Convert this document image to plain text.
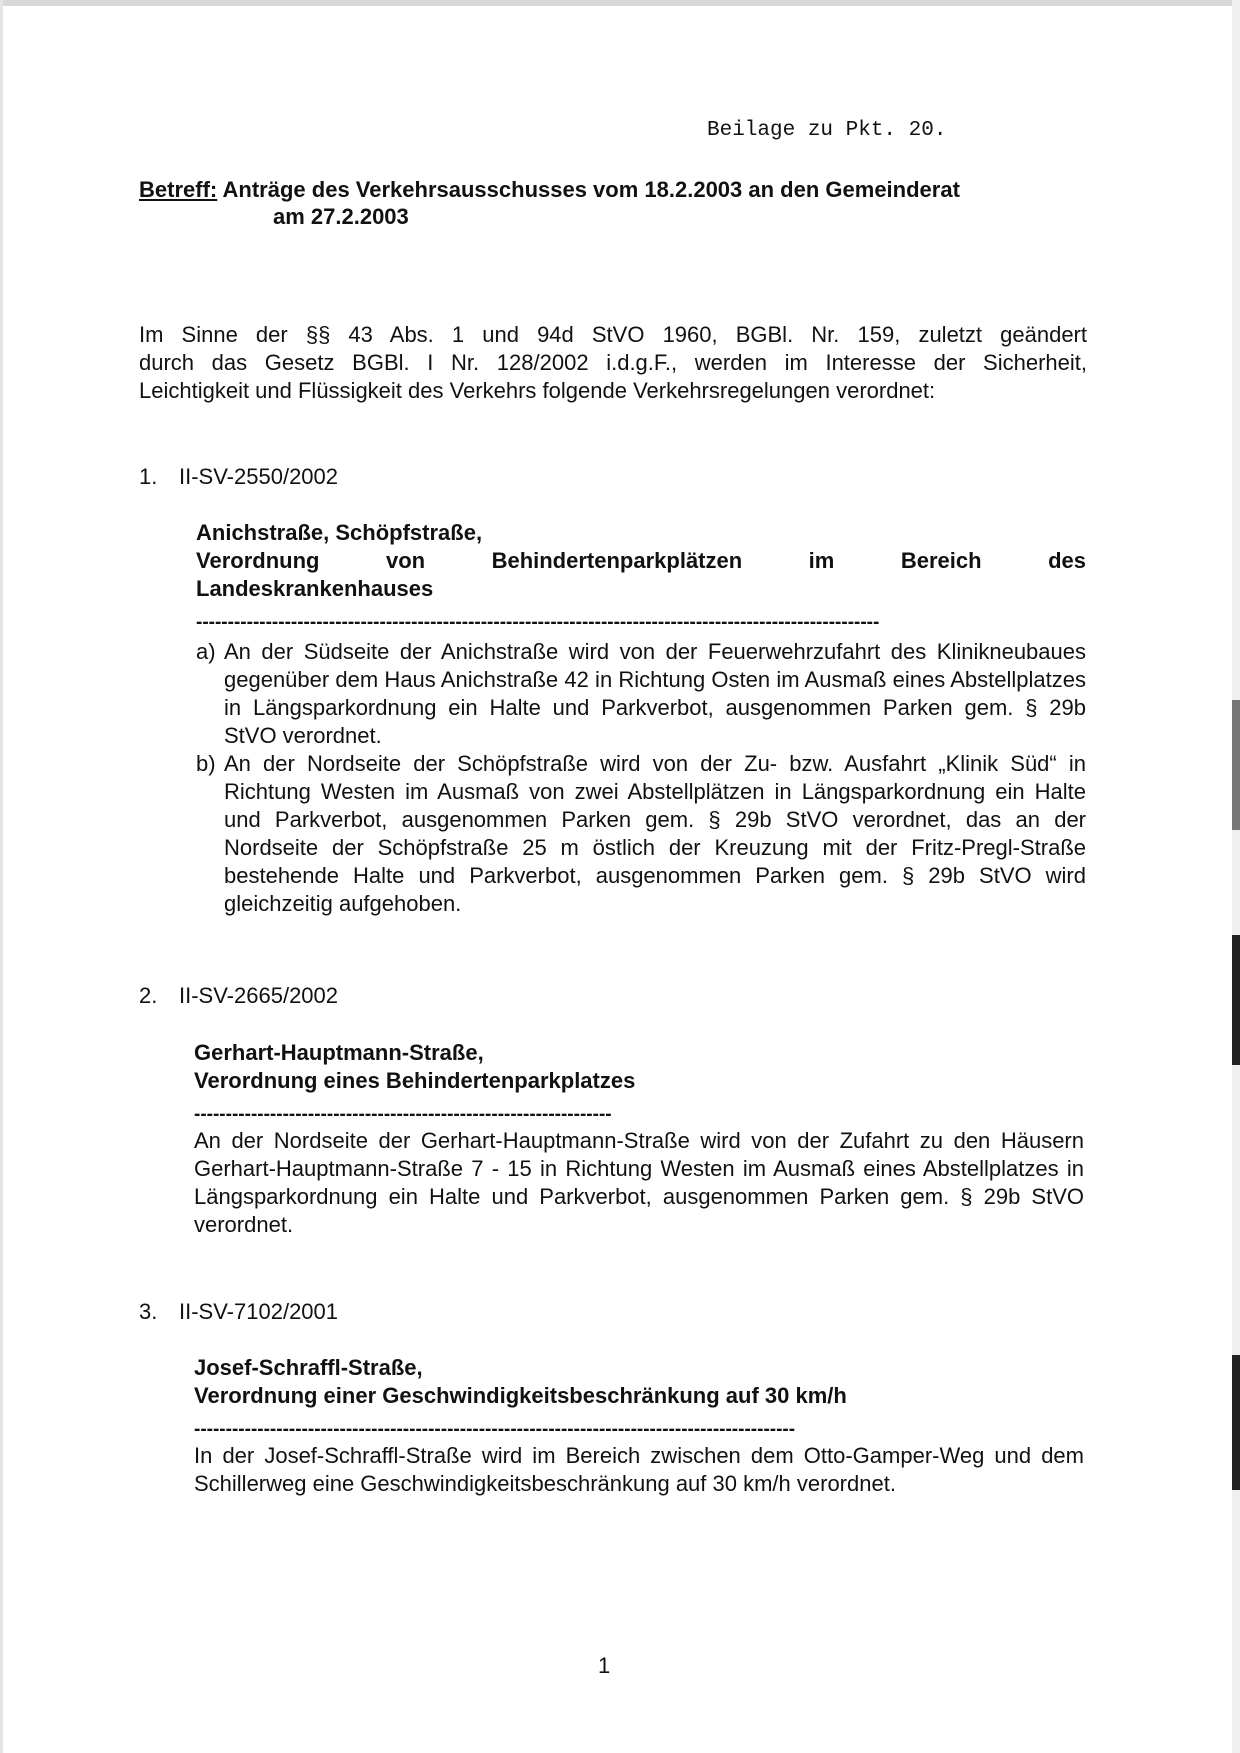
Beilage zu Pkt. 20.

Betreff: Anträge des Verkehrsausschusses vom 18.2.2003 an den Gemeinderat

am 27.2.2003

Im Sinne der §§ 43 Abs. 1 und 94d StVO 1960, BGBl. Nr. 159, zuletzt geändert
durch das Gesetz BGBl. I Nr. 128/2002 i.d.g.F., werden im Interesse der Sicherheit,
Leichtigkeit und Flüssigkeit des Verkehrs folgende Verkehrsregelungen verordnet:

1. II-SV-2550/2002

Anichstraße, Schöpfstraße,
Verordnung von Behindertenparkplätzen im Bereich des
Landeskrankenhauses
------------------------------------------------------------------------------------------------------------
a) An der Südseite der Anichstraße wird von der Feuerwehrzufahrt des Klinikneubaues gegenüber dem Haus Anichstraße 42 in Richtung Osten im Ausmaß eines Abstellplatzes in Längsparkordnung ein Halte und Parkverbot, ausgenommen Parken gem. § 29b StVO verordnet.
b) An der Nordseite der Schöpfstraße wird von der Zu- bzw. Ausfahrt „Klinik Süd“ in Richtung Westen im Ausmaß von zwei Abstellplätzen in Längsparkordnung ein Halte und Parkverbot, ausgenommen Parken gem. § 29b StVO verordnet, das an der Nordseite der Schöpfstraße 25 m östlich der Kreuzung mit der Fritz-Pregl-Straße bestehende Halte und Parkverbot, ausgenommen Parken gem. § 29b StVO wird gleichzeitig aufgehoben.

2. II-SV-2665/2002

Gerhart-Hauptmann-Straße,
Verordnung eines Behindertenparkplatzes
------------------------------------------------------------------
An der Nordseite der Gerhart-Hauptmann-Straße wird von der Zufahrt zu den Häusern Gerhart-Hauptmann-Straße 7 - 15 in Richtung Westen im Ausmaß eines Abstellplatzes in Längsparkordnung ein Halte und Parkverbot, ausgenommen Parken gem. § 29b StVO verordnet.

3. II-SV-7102/2001

Josef-Schraffl-Straße,
Verordnung einer Geschwindigkeitsbeschränkung auf 30 km/h
-----------------------------------------------------------------------------------------------
In der Josef-Schraffl-Straße wird im Bereich zwischen dem Otto-Gamper-Weg und dem Schillerweg eine Geschwindigkeitsbeschränkung auf 30 km/h verordnet.

1
